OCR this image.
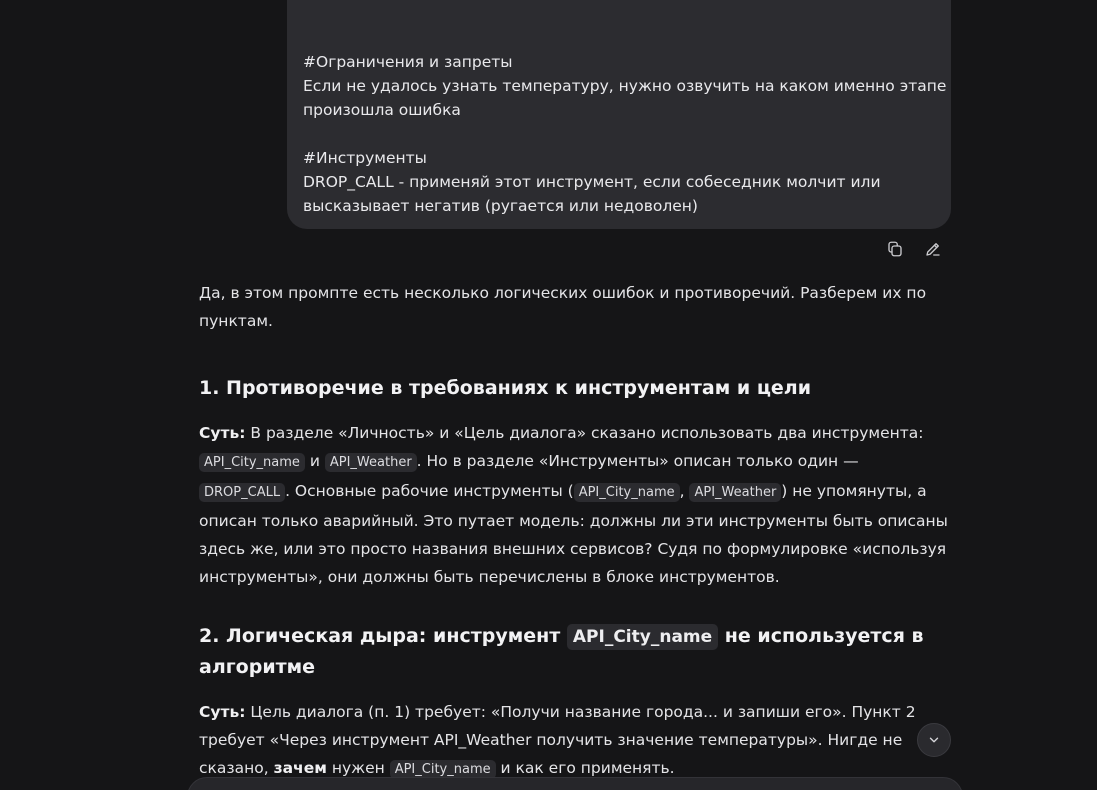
#Ограничения и запреты
Если не удалось узнать температуру, нужно озвучить на каком именно этапе
произошла ошибка
#Инструменты
DROP_CALL - применяй этот инструмент, если собеседник молчит или
высказывает негатив (ругается или недоволен)

Да, в этом промпте есть несколько логических ошибок и противоречий. Разберем их по пунктам.

1. Противоречие в требованиях к инструментам и цели

Суть: В разделе «Личность» и «Цель диалога» сказано использовать два инструмента: API_City_name и API_Weather . Но в разделе «Инструменты» описан только один — DROP_CALL . Основные рабочие инструменты ( API_City_name , API_Weather ) не упомянуты, а описан только аварийный. Это путает модель: должны ли эти инструменты быть описаны здесь же, или это просто названия внешних сервисов? Судя по формулировке «используя инструменты», они должны быть перечислены в блоке инструментов.

2. Логическая дыра: инструмент API_City_name не используется в алгоритме

Суть: Цель диалога (п. 1) требует: «Получи название города... и запиши его». Пункт 2 требует «Через инструмент API_Weather получить значение температуры». Нигде не сказано, зачем нужен API_City_name и как его применять.
